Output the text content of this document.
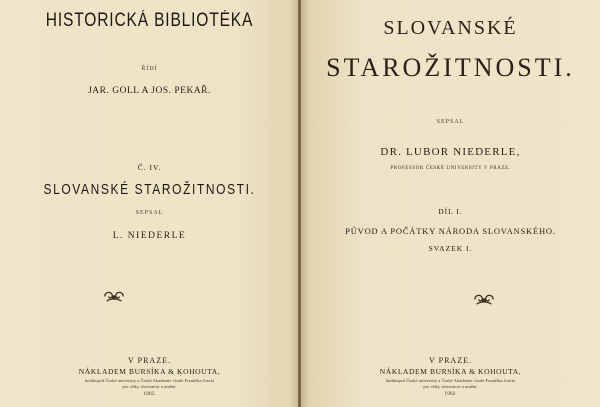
HISTORICKÁ BIBLIOTÉKA
ŘÍDÍ
JAR. GOLL A JOS. PEKAŘ.
Č. IV.
SLOVANSKÉ STAROŽITNOSTI.
SEPSAL
L. NIEDERLE
V PRAZE.
NÁKLADEM BURSÍKA & KOHOUTA,
knihkupců České university a České Akademie císaře Františka Josefa
pro vědy, slovesnost a umění.
1902.
SLOVANSKÉ
STAROŽITNOSTI.
SEPSAL
DR. LUBOR NIEDERLE,
PROFESSOR ČESKÉ UNIVERSITY V PRAZE.
DÍL I.
PŮVOD A POČÁTKY NÁRODA SLOVANSKÉHO.
SVAZEK I.
V PRAZE.
NÁKLADEM BURSÍKA & KOHOUTA,
knihkupců České university a České Akademie císaře Františka Josefa
pro vědy, slovesnost a umění.
1902.
